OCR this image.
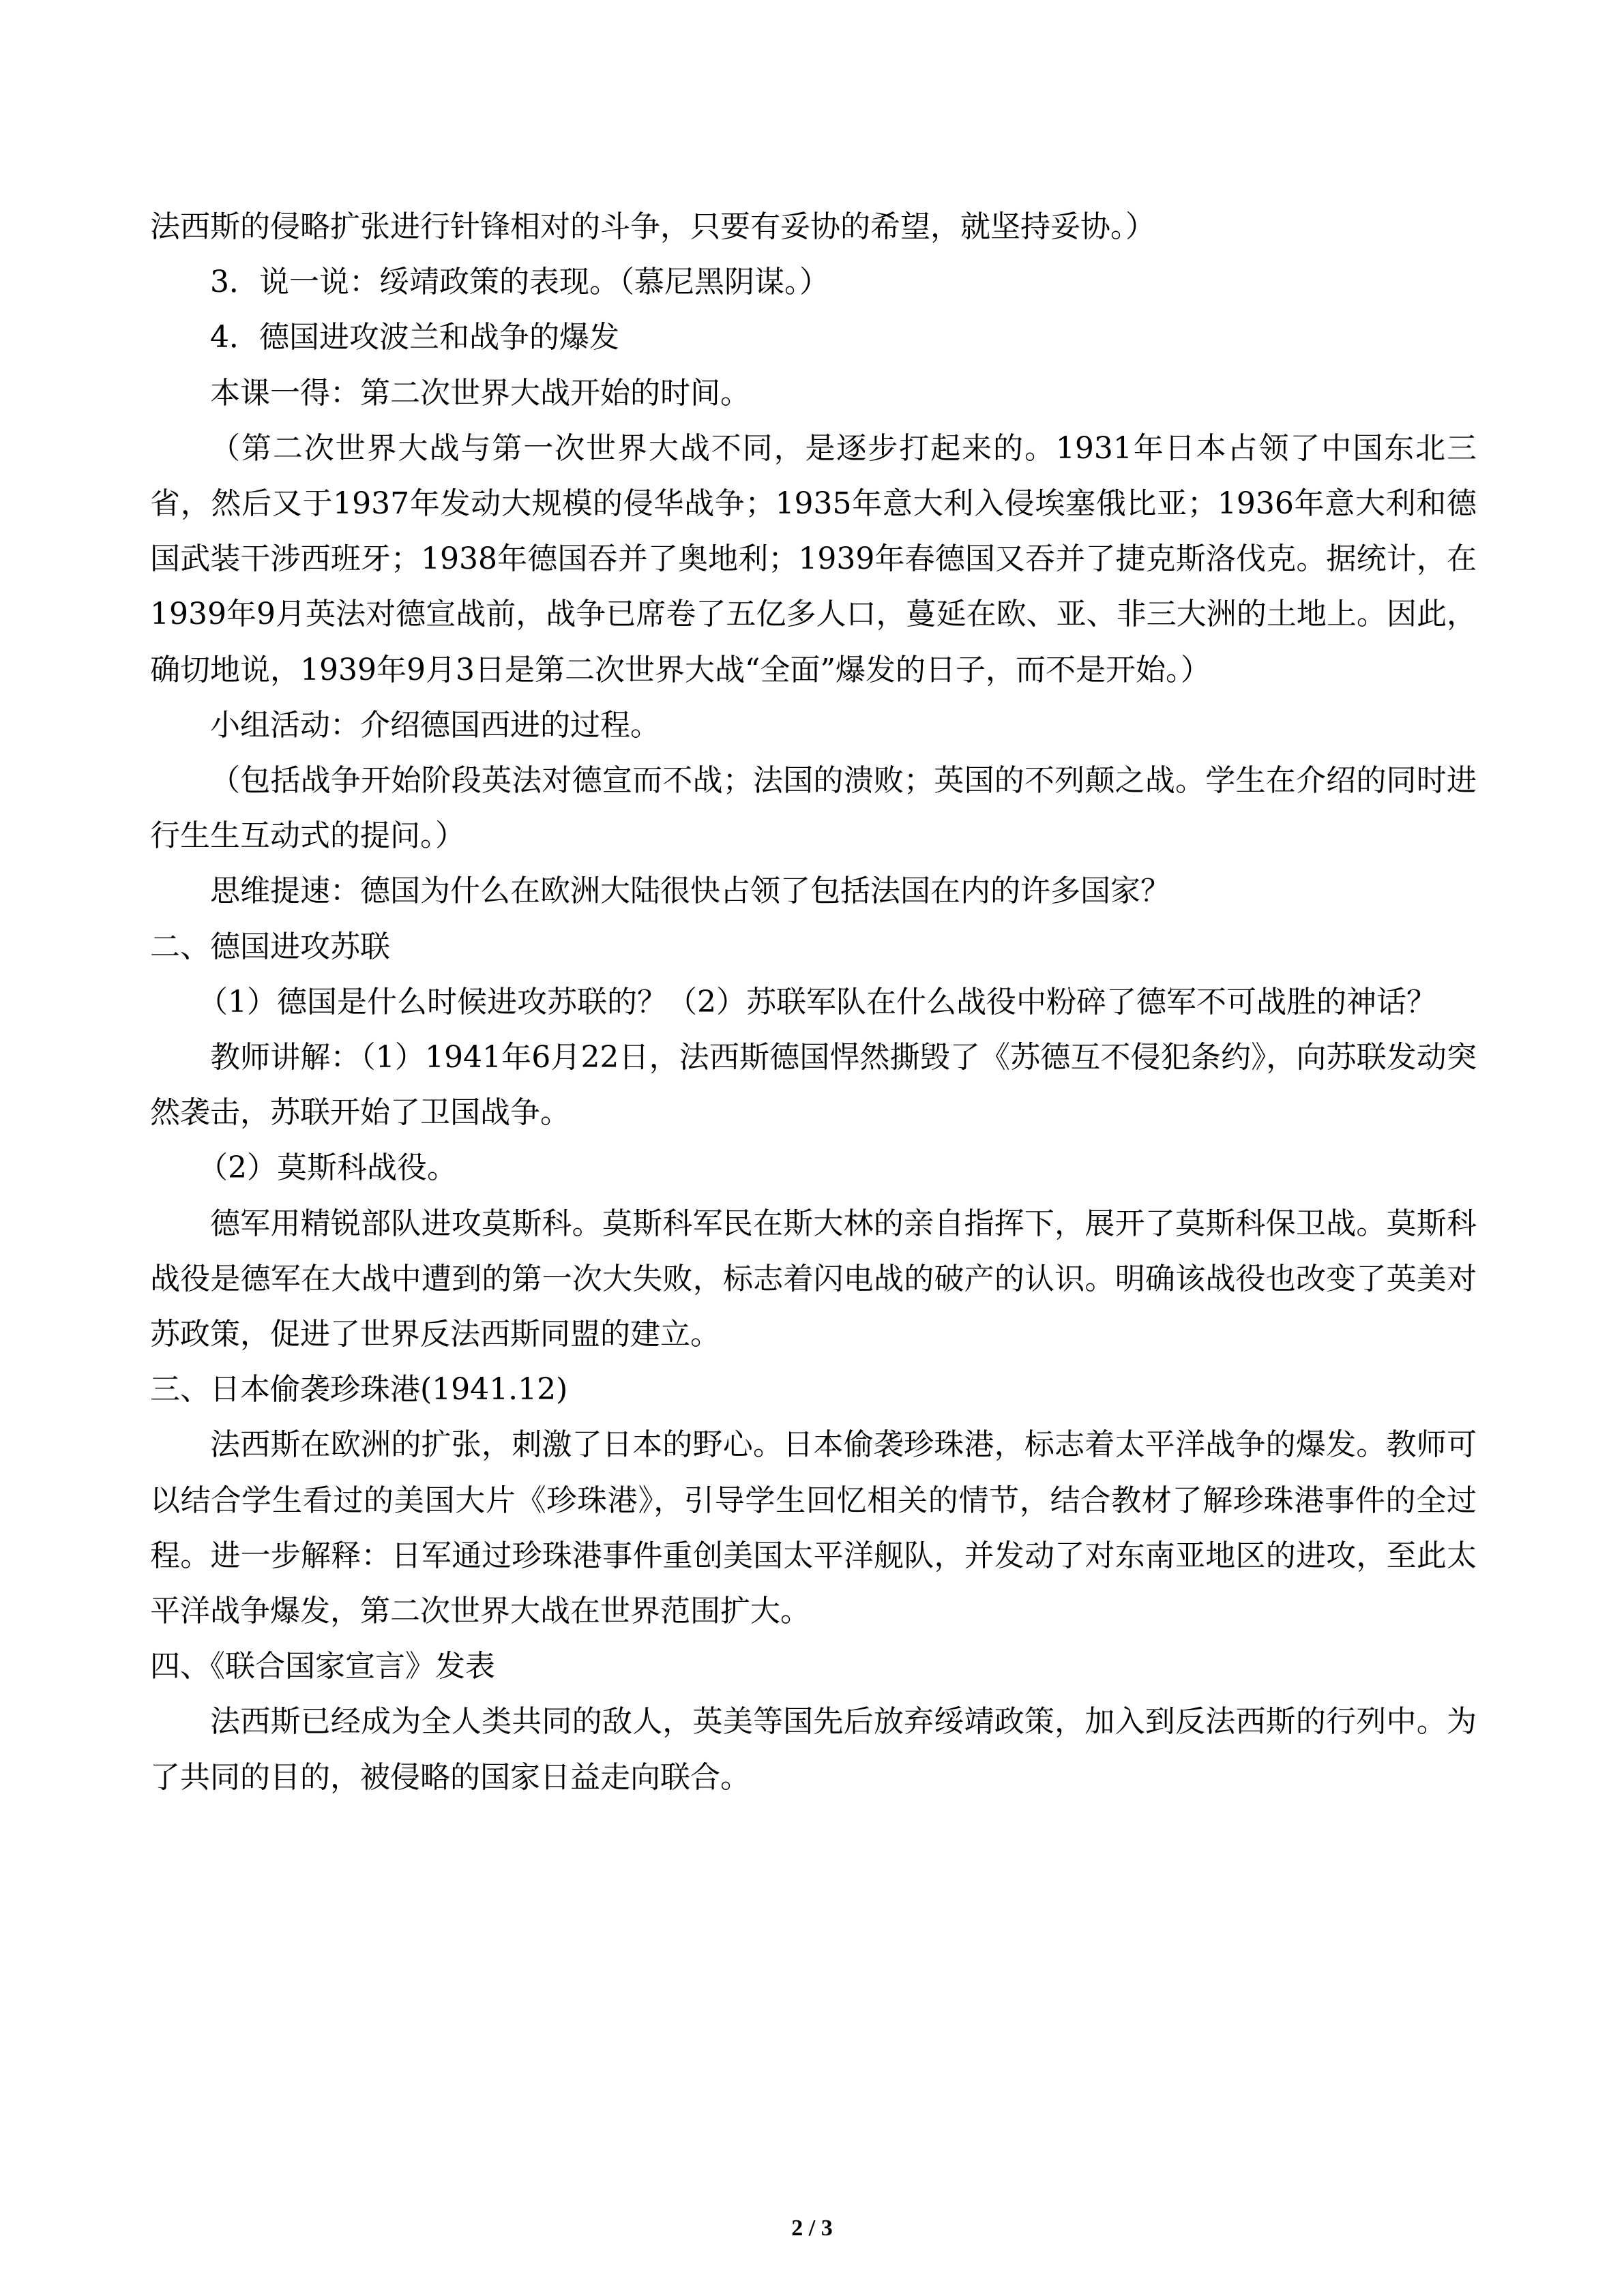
法西斯的侵略扩张进行针锋相对的斗争，只要有妥协的希望，就坚持妥协。）

3．说一说：绥靖政策的表现。（慕尼黑阴谋。）

4．德国进攻波兰和战争的爆发

本课一得：第二次世界大战开始的时间。

（第二次世界大战与第一次世界大战不同，是逐步打起来的。1931年日本占领了中国东北三省，然后又于1937年发动大规模的侵华战争；1935年意大利入侵埃塞俄比亚；1936年意大利和德国武装干涉西班牙；1938年德国吞并了奥地利；1939年春德国又吞并了捷克斯洛伐克。据统计，在1939年9月英法对德宣战前，战争已席卷了五亿多人口，蔓延在欧、亚、非三大洲的土地上。因此，确切地说，1939年9月3日是第二次世界大战“全面”爆发的日子，而不是开始。）

小组活动：介绍德国西进的过程。

（包括战争开始阶段英法对德宣而不战；法国的溃败；英国的不列颠之战。学生在介绍的同时进行生生互动式的提问。）

思维提速：德国为什么在欧洲大陆很快占领了包括法国在内的许多国家？

二、德国进攻苏联

（1）德国是什么时候进攻苏联的？（2）苏联军队在什么战役中粉碎了德军不可战胜的神话？

教师讲解：（1）1941年6月22日，法西斯德国悍然撕毁了《苏德互不侵犯条约》，向苏联发动突然袭击，苏联开始了卫国战争。

（2）莫斯科战役。

德军用精锐部队进攻莫斯科。莫斯科军民在斯大林的亲自指挥下，展开了莫斯科保卫战。莫斯科战役是德军在大战中遭到的第一次大失败，标志着闪电战的破产的认识。明确该战役也改变了英美对苏政策，促进了世界反法西斯同盟的建立。

三、日本偷袭珍珠港(1941.12)

法西斯在欧洲的扩张，刺激了日本的野心。日本偷袭珍珠港，标志着太平洋战争的爆发。教师可以结合学生看过的美国大片《珍珠港》，引导学生回忆相关的情节，结合教材了解珍珠港事件的全过程。进一步解释：日军通过珍珠港事件重创美国太平洋舰队，并发动了对东南亚地区的进攻，至此太平洋战争爆发，第二次世界大战在世界范围扩大。

四、《联合国家宣言》发表

法西斯已经成为全人类共同的敌人，英美等国先后放弃绥靖政策，加入到反法西斯的行列中。为了共同的目的，被侵略的国家日益走向联合。

2 / 3
